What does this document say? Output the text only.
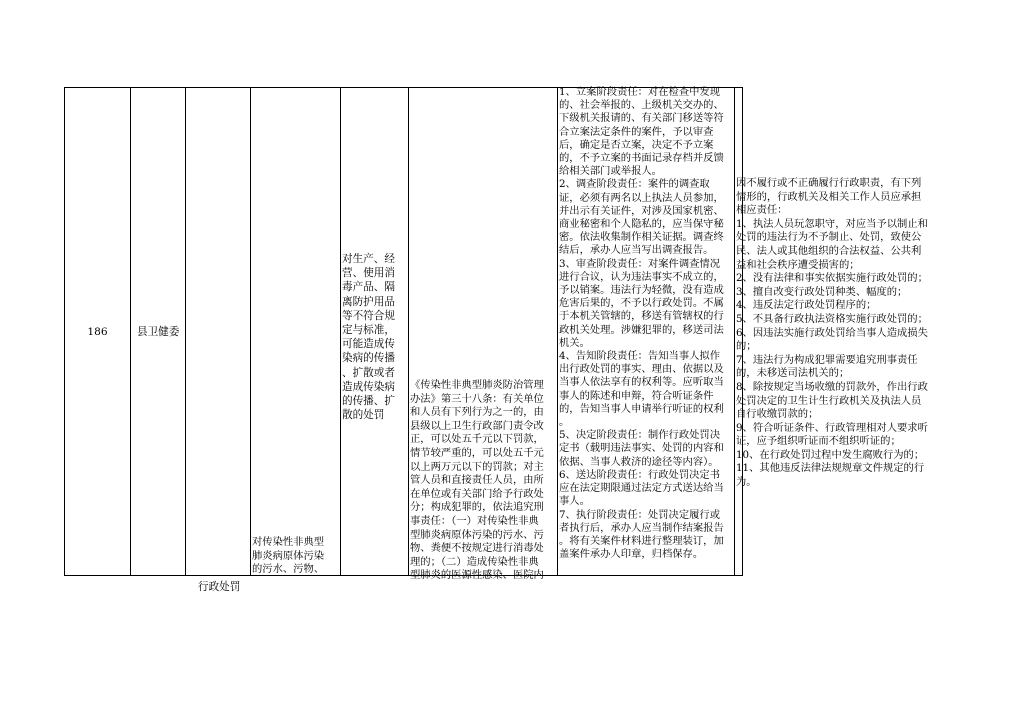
186	县卫健委
对生产、经
营、使用消
毒产品、隔
离防护用品
等不符合规
定与标准，
可能造成传
染病的传播
、扩散或者
造成传染病
的传播、扩
散的处罚
1、立案阶段责任：对在检查中发现
的、社会举报的、上级机关交办的、
下级机关报请的、有关部门移送等符
合立案法定条件的案件，予以审查
后，确定是否立案，决定不予立案
的，不予立案的书面记录存档并反馈
给相关部门或举报人。
2、调查阶段责任：案件的调查取
证，必须有两名以上执法人员参加，
并出示有关证件，对涉及国家机密、
商业秘密和个人隐私的，应当保守秘
密。依法收集制作相关证据。调查终
结后，承办人应当写出调查报告。
3、审查阶段责任：对案件调查情况
进行合议，认为违法事实不成立的，
予以销案。违法行为轻微，没有造成
危害后果的，不予以行政处罚。不属
于本机关管辖的，移送有管辖权的行
政机关处理。涉嫌犯罪的，移送司法
机关。
4、告知阶段责任：告知当事人拟作
出行政处罚的事实、理由、依据以及
当事人依法享有的权利等。应听取当
事人的陈述和申辩，符合听证条件
的，告知当事人申请举行听证的权利
。
5、决定阶段责任：制作行政处罚决
定书（载明违法事实、处罚的内容和
依据、当事人救济的途径等内容）。
6、送达阶段责任：行政处罚决定书
应在法定期限通过法定方式送达给当
事人。
7、执行阶段责任：处罚决定履行或
者执行后，承办人应当制作结案报告
。将有关案件材料进行整理装订，加
盖案件承办人印章，归档保存。
因不履行或不正确履行行政职责，有下列
情形的，行政机关及相关工作人员应承担
相应责任：
1、执法人员玩忽职守，对应当予以制止和
处罚的违法行为不予制止、处罚，致使公
民、法人或其他组织的合法权益、公共利
益和社会秩序遭受损害的；
2、没有法律和事实依据实施行政处罚的；
3、擅自改变行政处罚种类、幅度的；
4、违反法定行政处罚程序的；
5、不具备行政执法资格实施行政处罚的；
6、因违法实施行政处罚给当事人造成损失
的；
7、违法行为构成犯罪需要追究刑事责任
的，未移送司法机关的；
8、除按规定当场收缴的罚款外，作出行政
处罚决定的卫生计生行政机关及执法人员
自行收缴罚款的；
9、符合听证条件、行政管理相对人要求听
证，应予组织听证而不组织听证的；
10、在行政处罚过程中发生腐败行为的；
11、其他违反法律法规规章文件规定的行
为。
对传染性非典型
肺炎病原体污染
的污水、污物、
《传染性非典型肺炎防治管理
办法》第三十八条：有关单位
和人员有下列行为之一的，由
县级以上卫生行政部门责令改
正，可以处五千元以下罚款，
情节较严重的，可以处五千元
以上两万元以下的罚款；对主
管人员和直接责任人员，由所
在单位或有关部门给予行政处
分；构成犯罪的，依法追究刑
事责任：（一）对传染性非典
型肺炎病原体污染的污水、污
物、粪便不按规定进行消毒处
理的；（二）造成传染性非典
型肺炎的医源性感染、医院内
行政处罚
